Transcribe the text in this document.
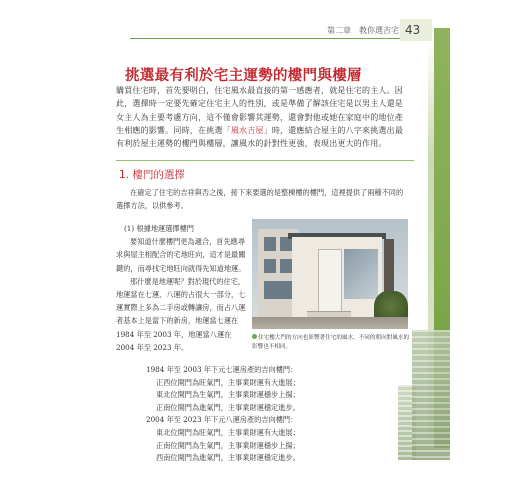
第二章　教你選吉宅 43
挑選最有利於宅主運勢的樓門與樓層
購買住宅時，首先要明白，住宅風水最直接的第一感應者，就是住宅的主人。因此，選擇時一定要先確定住宅主人的性別，或是準備了解該住宅是以男主人還是女主人為主要考慮方向，這不僅會影響其運勢，還會對他或她在家庭中的地位產生相應的影響。同時，在挑選「風水吉屋」時，還應結合屋主的八字來挑選出最有利於屋主運勢的樓門與樓層，讓風水的針對性更強，表現出更大的作用。
1. 樓門的選擇
在確定了住宅的吉祥與否之後，接下來要選的是整棟樓的樓門，這裡提供了兩種不同的選擇方法，以供參考。

(1) 根據地運選擇樓門

要知道什麼樓門更為適合，首先應尋求與屋主相配合的宅地旺向，這才是最關鍵的，而尋找宅地旺向就得先知道地運。

那什麼是地運呢？對於現代的住宅，地運當在七運、八運的占很大一部分，七運實際上多為二手房或轉讓房，而占八運者基本上是當下的新房，地運當七運在 1984 年至 2003 年，地運當八運在 2004 年至 2023 年。

住宅樓大門的方向也影響著住宅的風水，不同的朝向對風水的影響也不相同。

1984 年至 2003 年下元七運房產的吉向樓門：

正西位開門為旺氣門，主事業財運有大進展；

東北位開門為生氣門，主事業財運穩步上揚；

正南位開門為進氣門，主事業財運穩定進步。

2004 年至 2023 年下元八運房產的吉向樓門：

東北位開門為旺氣門，主事業財運有大進展；

正南位開門為生氣門，主事業財運穩步上揚；

西南位開門為進氣門，主事業財運穩定進步。
